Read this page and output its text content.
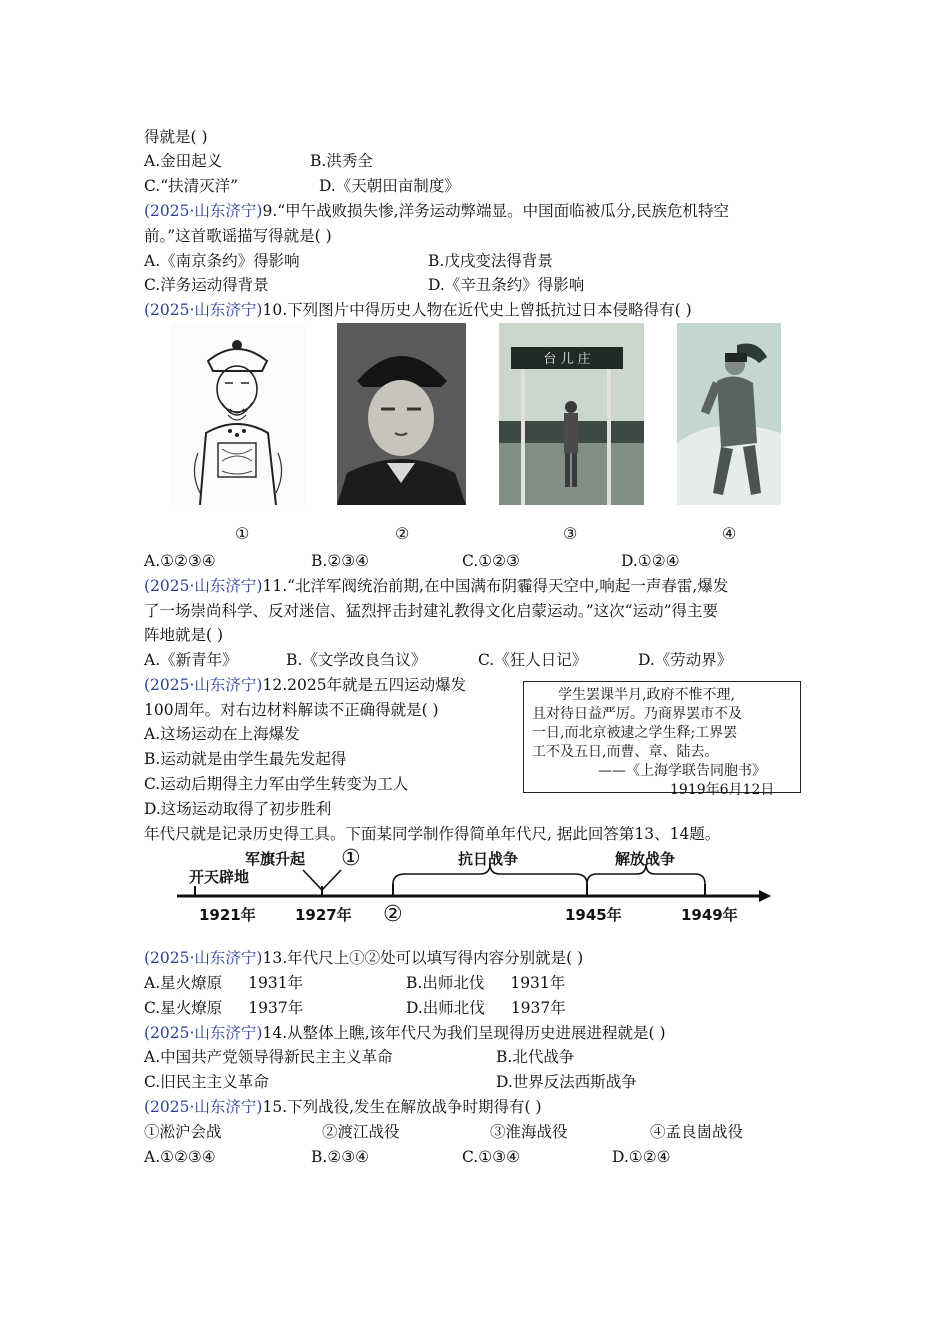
得就是( )
A.金田起义	B.洪秀全
C.“扶清灭洋”	D.《天朝田亩制度》
(2025·山东济宁)9.“甲午战败损失惨,洋务运动弊端显。中国面临被瓜分,民族危机特空
前。”这首歌谣描写得就是( )
A.《南京条约》得影响	B.戊戌变法得背景
C.洋务运动得背景	D.《辛丑条约》得影响
(2025·山东济宁)10.下列图片中得历史人物在近代史上曾抵抗过日本侵略得有( )
台 儿 庄
①	②	③	④
A.①②③④	B.②③④	C.①②③	D.①②④
(2025·山东济宁)11.“北洋军阀统治前期,在中国满布阴霾得天空中,响起一声春雷,爆发
了一场崇尚科学、反对迷信、猛烈抨击封建礼教得文化启蒙运动。”这次“运动”得主要
阵地就是( )
A.《新青年》	B.《文学改良刍议》	C.《狂人日记》	D.《劳动界》
(2025·山东济宁)12.2025年就是五四运动爆发
100周年。对右边材料解读不正确得就是( )
A.这场运动在上海爆发
B.运动就是由学生最先发起得
C.运动后期得主力军由学生转变为工人
D.这场运动取得了初步胜利
学生罢课半月,政府不惟不理,
且对待日益严厉。乃商界罢市不及
一日,而北京被逮之学生释;工界罢
工不及五日,而曹、章、陆去。
——《上海学联告同胞书》
1919年6月12日
年代尺就是记录历史得工具。下面某同学制作得简单年代尺, 据此回答第13、14题。
开天辟地
军旗升起 ①	抗日战争	解放战争
②
1921年	1927年	1945年	1949年
(2025·山东济宁)13.年代尺上①②处可以填写得内容分别就是( )
A.星火燎原 1931年	B.出师北伐 1931年
C.星火燎原 1937年	D.出师北伐 1937年
(2025·山东济宁)14.从整体上瞧,该年代尺为我们呈现得历史进展进程就是( )
A.中国共产党领导得新民主主义革命	B.北代战争
C.旧民主主义革命	D.世界反法西斯战争
(2025·山东济宁)15.下列战役,发生在解放战争时期得有( )
①淞沪会战	②渡江战役	③淮海战役	④孟良崮战役
A.①②③④	B.②③④	C.①③④	D.①②④
